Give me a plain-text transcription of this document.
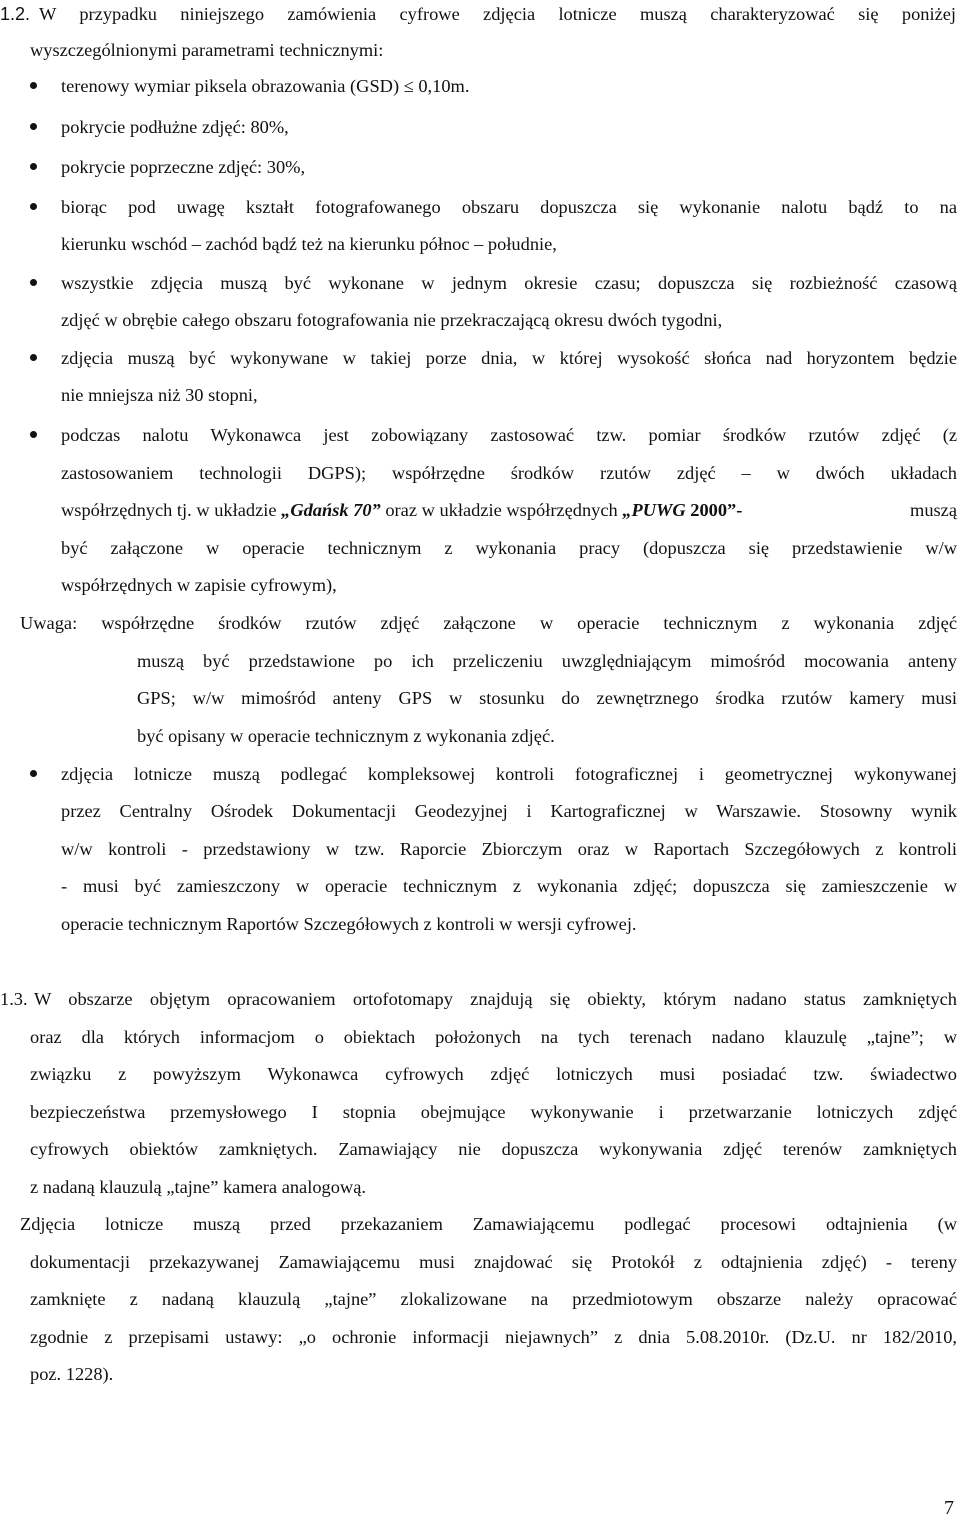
1.2. W przypadku niniejszego zamówienia cyfrowe zdjęcia lotnicze muszą charakteryzować się poniżej
wyszczególnionymi parametrami technicznymi:
terenowy wymiar piksela obrazowania (GSD) ≤ 0,10m.
pokrycie podłużne zdjęć: 80%,
pokrycie poprzeczne zdjęć: 30%,
biorąc pod uwagę kształt fotografowanego obszaru dopuszcza się wykonanie nalotu bądź to na
kierunku wschód – zachód bądź też na kierunku północ – południe,
wszystkie zdjęcia muszą być wykonane w jednym okresie czasu; dopuszcza się rozbieżność czasową
zdjęć w obrębie całego obszaru fotografowania nie przekraczającą okresu dwóch tygodni,
zdjęcia muszą być wykonywane w takiej porze dnia, w której wysokość słońca nad horyzontem będzie
nie mniejsza niż 30 stopni,
podczas nalotu Wykonawca jest zobowiązany zastosować tzw. pomiar środków rzutów zdjęć (z
zastosowaniem technologii DGPS); współrzędne środków rzutów zdjęć – w dwóch układach
współrzędnych tj. w układzie „Gdańsk 70” oraz w układzie współrzędnych „PUWG 2000”-	muszą
być załączone w operacie technicznym z wykonania pracy (dopuszcza się przedstawienie w/w
współrzędnych w zapisie cyfrowym),
Uwaga: współrzędne środków rzutów zdjęć załączone w operacie technicznym z wykonania zdjęć
muszą być przedstawione po ich przeliczeniu uwzględniającym mimośród mocowania anteny
GPS; w/w mimośród anteny GPS w stosunku do zewnętrznego środka rzutów kamery musi
być opisany w operacie technicznym z wykonania zdjęć.
zdjęcia lotnicze muszą podlegać kompleksowej kontroli fotograficznej i geometrycznej wykonywanej
przez Centralny Ośrodek Dokumentacji Geodezyjnej i Kartograficznej w Warszawie. Stosowny wynik
w/w kontroli - przedstawiony w tzw. Raporcie Zbiorczym oraz w Raportach Szczegółowych z kontroli
- musi być zamieszczony w operacie technicznym z wykonania zdjęć; dopuszcza się zamieszczenie w
operacie technicznym Raportów Szczegółowych z kontroli w wersji cyfrowej.
1.3. W obszarze objętym opracowaniem ortofotomapy znajdują się obiekty, którym nadano status zamkniętych
oraz dla których informacjom o obiektach położonych na tych terenach nadano klauzulę „tajne”; w
związku z powyższym Wykonawca cyfrowych zdjęć lotniczych musi posiadać tzw. świadectwo
bezpieczeństwa przemysłowego I stopnia obejmujące wykonywanie i przetwarzanie lotniczych zdjęć
cyfrowych obiektów zamkniętych. Zamawiający nie dopuszcza wykonywania zdjęć terenów zamkniętych
z nadaną klauzulą „tajne” kamera analogową.
Zdjęcia lotnicze muszą przed przekazaniem Zamawiającemu podlegać procesowi odtajnienia (w
dokumentacji przekazywanej Zamawiającemu musi znajdować się Protokół z odtajnienia zdjęć) - tereny
zamknięte z nadaną klauzulą „tajne” zlokalizowane na przedmiotowym obszarze należy opracować
zgodnie z przepisami ustawy: „o ochronie informacji niejawnych” z dnia 5.08.2010r. (Dz.U. nr 182/2010,
poz. 1228).
7
